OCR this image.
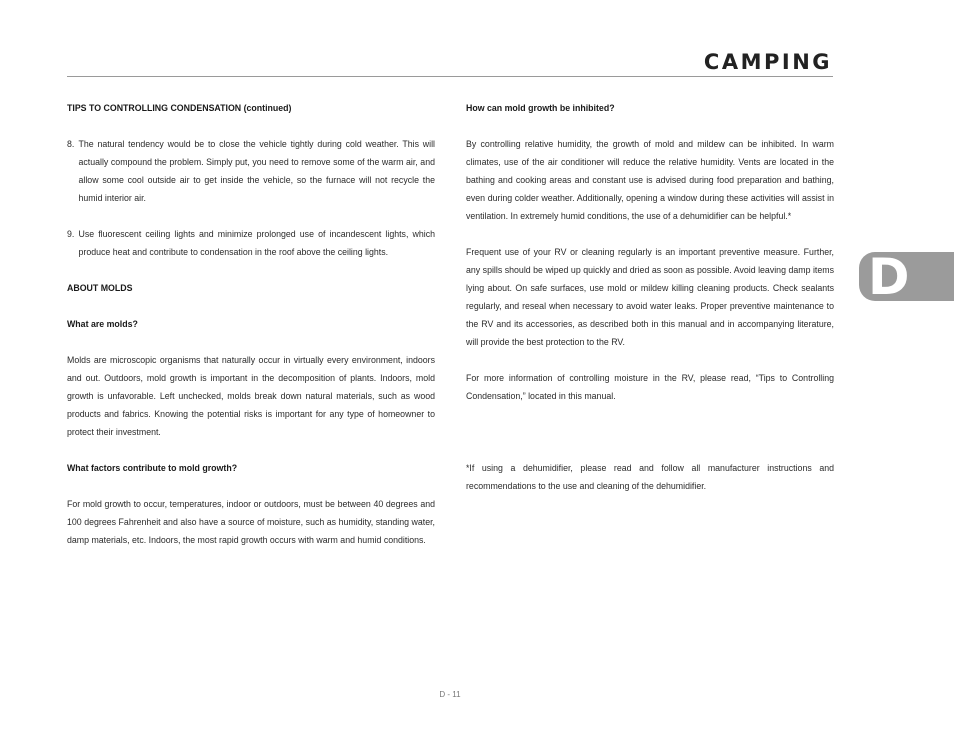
CAMPING

TIPS TO CONTROLLING CONDENSATION (continued)

8. The natural tendency would be to close the vehicle tightly during cold weather. This will actually compound the problem. Simply put, you need to remove some of the warm air, and allow some cool outside air to get inside the vehicle, so the furnace will not recycle the humid interior air.
9. Use fluorescent ceiling lights and minimize prolonged use of incandescent lights, which produce heat and contribute to condensation in the roof above the ceiling lights.

ABOUT MOLDS

What are molds?

Molds are microscopic organisms that naturally occur in virtually every environment, indoors and out. Outdoors, mold growth is important in the decomposition of plants. Indoors, mold growth is unfavorable. Left unchecked, molds break down natural materials, such as wood products and fabrics. Knowing the potential risks is important for any type of homeowner to protect their investment.

What factors contribute to mold growth?

For mold growth to occur, temperatures, indoor or outdoors, must be between 40 degrees and 100 degrees Fahrenheit and also have a source of moisture, such as humidity, standing water, damp materials, etc. Indoors, the most rapid growth occurs with warm and humid conditions.

How can mold growth be inhibited?

By controlling relative humidity, the growth of mold and mildew can be inhibited. In warm climates, use of the air conditioner will reduce the relative humidity. Vents are located in the bathing and cooking areas and constant use is advised during food preparation and bathing, even during colder weather. Additionally, opening a window during these activities will assist in ventilation. In extremely humid conditions, the use of a dehumidifier can be helpful.*

Frequent use of your RV or cleaning regularly is an important preventive measure. Further, any spills should be wiped up quickly and dried as soon as possible. Avoid leaving damp items lying about. On safe surfaces, use mold or mildew killing cleaning products. Check sealants regularly, and reseal when necessary to avoid water leaks. Proper preventive maintenance to the RV and its accessories, as described both in this manual and in accompanying literature, will provide the best protection to the RV.

For more information of controlling moisture in the RV, please read, “Tips to Controlling Condensation,” located in this manual.

*If using a dehumidifier, please read and follow all manufacturer instructions and recommendations to the use and cleaning of the dehumidifier.

D
D - 11
